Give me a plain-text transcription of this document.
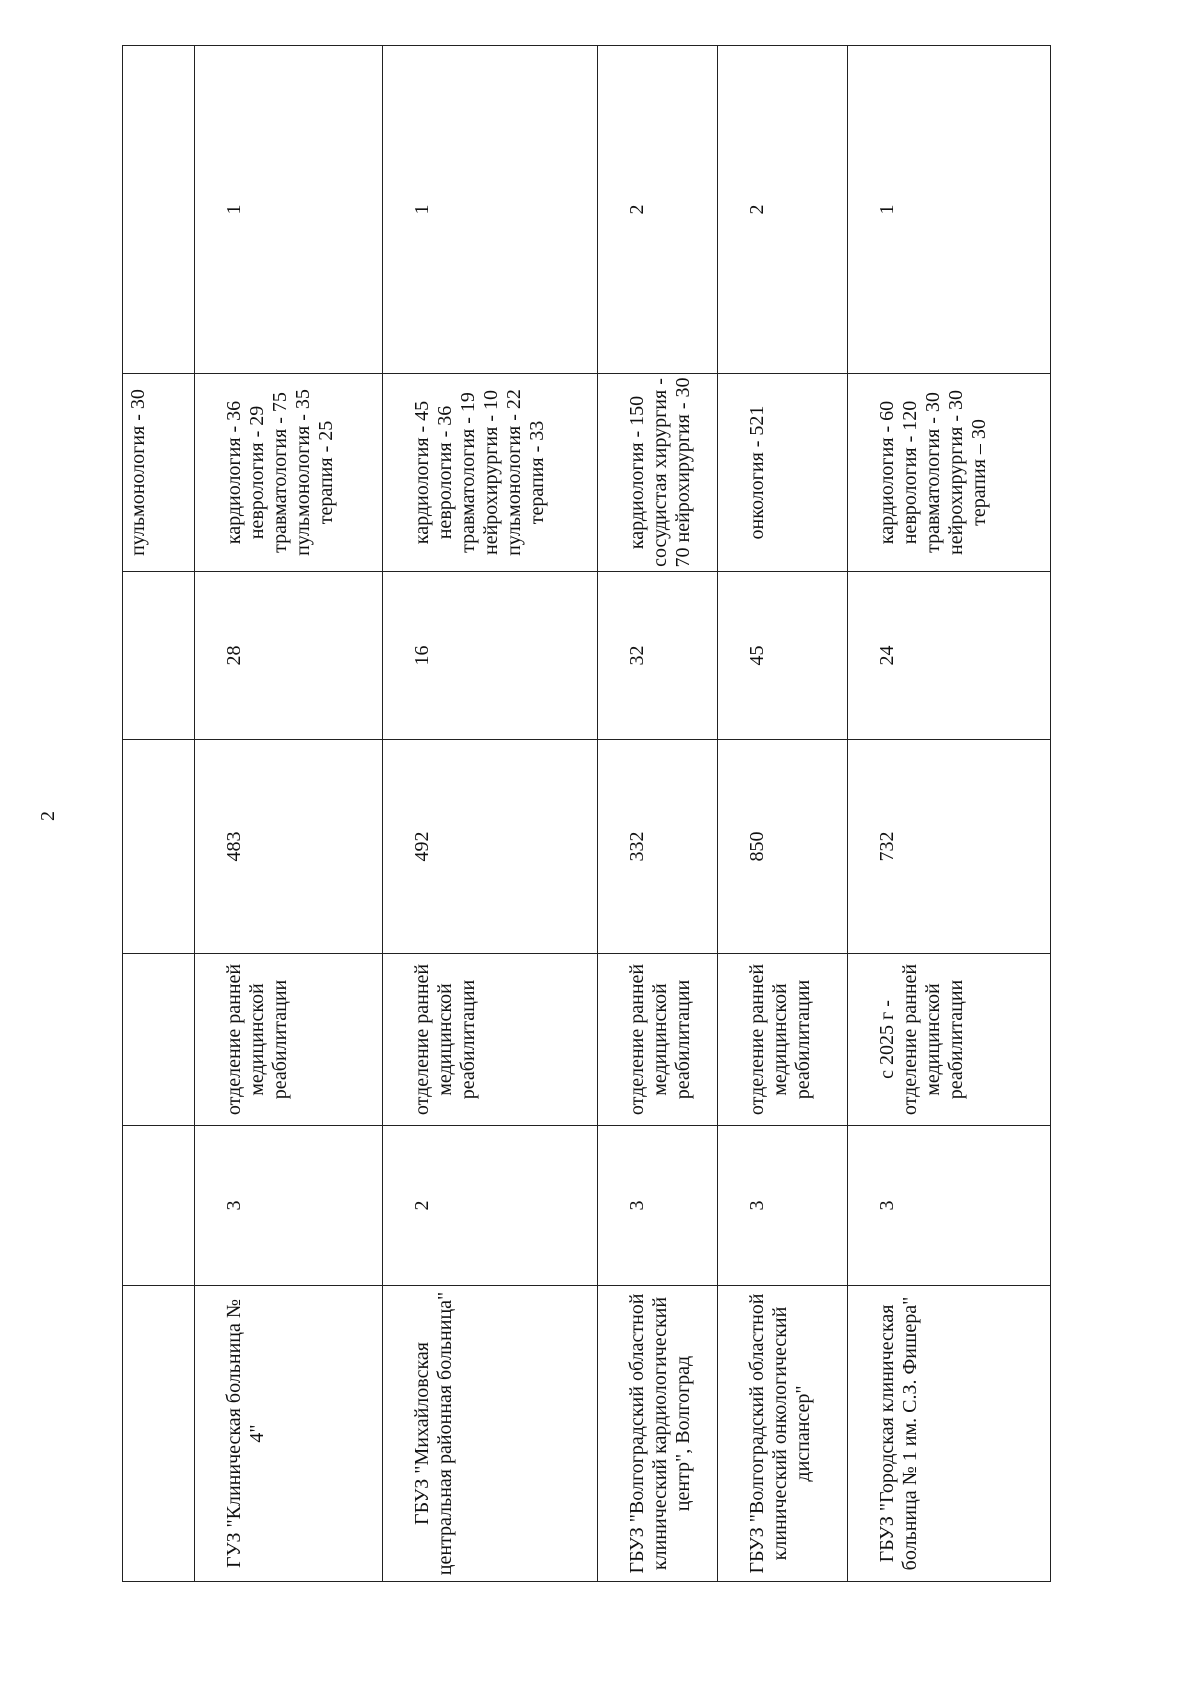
2
					пульмонология - 30	
ГУЗ "Клиническая больница № 4"	3	отделение ранней медицинской реабилитации	483	28	кардиология - 36 неврология - 29 травматология - 75 пульмонология - 35 терапия - 25	1
ГБУЗ "Михайловская центральная районная больница"	2	отделение ранней медицинской реабилитации	492	16	кардиология - 45 неврология - 36 травматология - 19 нейрохирургия - 10 пульмонология - 22 терапия - 33	1
ГБУЗ "Волгоградский областной клинический кардиологический центр", Волгоград	3	отделение ранней медицинской реабилитации	332	32	кардиология - 150 сосудистая хирургия - 70 нейрохирургия - 30	2
ГБУЗ "Волгоградский областной клинический онкологический диспансер"	3	отделение ранней медицинской реабилитации	850	45	онкология - 521	2
ГБУЗ "Городская клиническая больница № 1 им. С.З. Фишера"	3	с 2025 г - отделение ранней медицинской реабилитации	732	24	кардиология - 60 неврология - 120 травматология - 30 нейрохирургия - 30 терапия – 30	1
